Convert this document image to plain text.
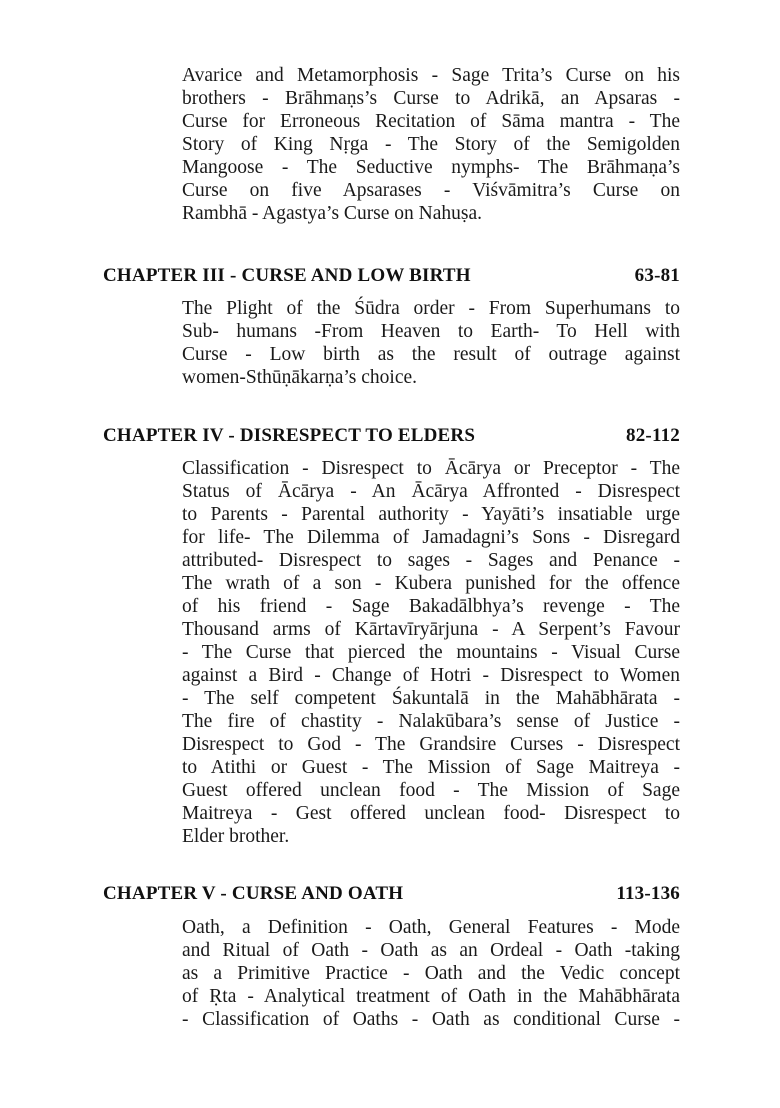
Avarice and Metamorphosis - Sage Trita’s Curse on his
brothers - Brāhmaṇs’s Curse to Adrikā, an Apsaras -
Curse for Erroneous Recitation of Sāma mantra - The
Story of King Nṛga - The Story of the Semigolden
Mangoose - The Seductive nymphs- The Brāhmaṇa’s
Curse on five Apsarases - Viśvāmitra’s Curse on
Rambhā - Agastya’s Curse on Nahuṣa.
CHAPTER III - CURSE AND LOW BIRTH	63-81
The Plight of the Śūdra order - From Superhumans to
Sub- humans -From Heaven to Earth- To Hell with
Curse - Low birth as the result of outrage against
women-Sthūṇākarṇa’s choice.
CHAPTER IV - DISRESPECT TO ELDERS	82-112
Classification - Disrespect to Ācārya or Preceptor - The
Status of Ācārya - An Ācārya Affronted - Disrespect
to Parents - Parental authority - Yayāti’s insatiable urge
for life- The Dilemma of Jamadagni’s Sons - Disregard
attributed- Disrespect to sages - Sages and Penance -
The wrath of a son - Kubera punished for the offence
of his friend - Sage Bakadālbhya’s revenge - The
Thousand arms of Kārtavīryārjuna - A Serpent’s Favour
- The Curse that pierced the mountains - Visual Curse
against a Bird - Change of Hotri - Disrespect to Women
- The self competent Śakuntalā in the Mahābhārata -
The fire of chastity - Nalakūbara’s sense of Justice -
Disrespect to God - The Grandsire Curses - Disrespect
to Atithi or Guest - The Mission of Sage Maitreya -
Guest offered unclean food - The Mission of Sage
Maitreya - Gest offered unclean food- Disrespect to
Elder brother.
CHAPTER V - CURSE AND OATH	113-136
Oath, a Definition - Oath, General Features - Mode
and Ritual of Oath - Oath as an Ordeal - Oath -taking
as a Primitive Practice - Oath and the Vedic concept
of Ṛta - Analytical treatment of Oath in the Mahābhārata
- Classification of Oaths - Oath as conditional Curse -
